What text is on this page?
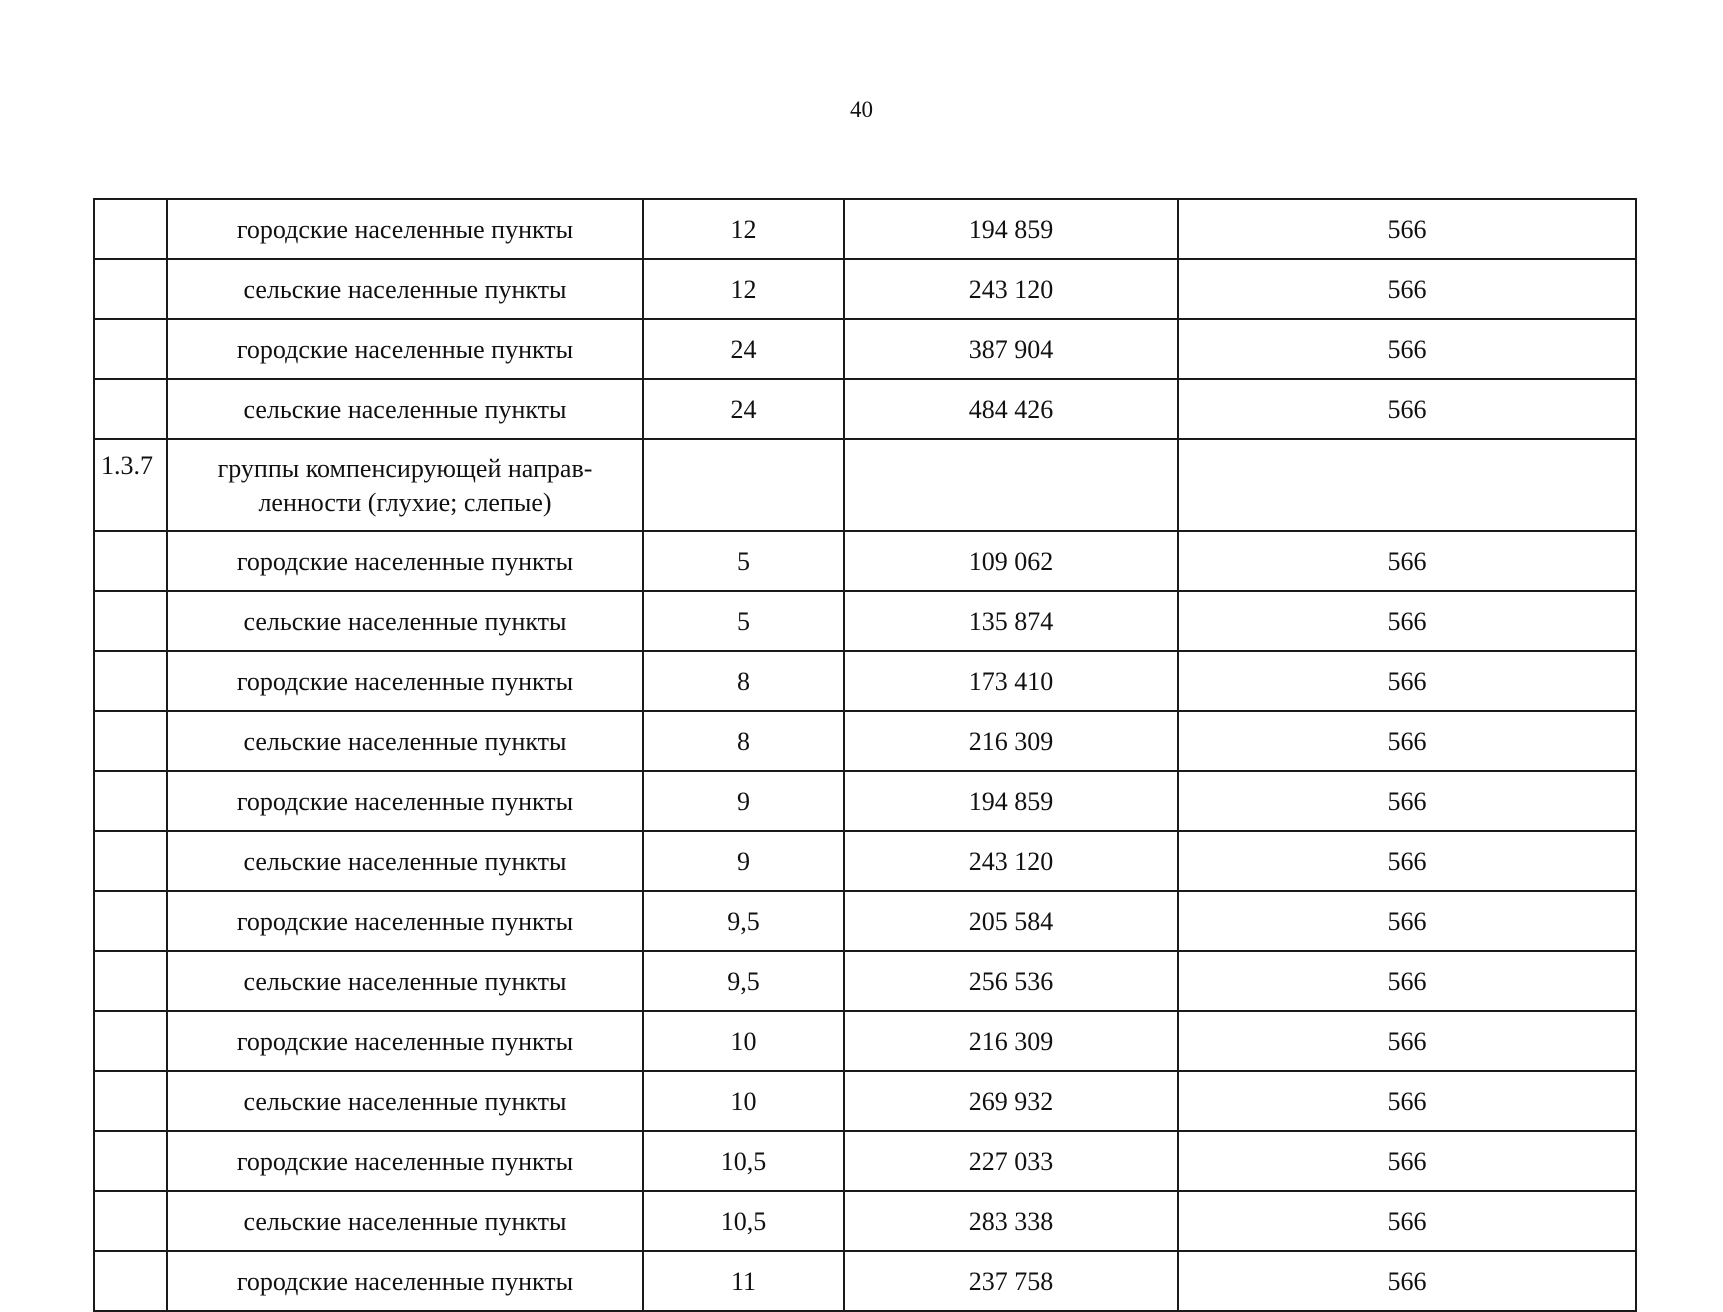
40
	городские населенные пункты	12	194 859	566
	сельские населенные пункты	12	243 120	566
	городские населенные пункты	24	387 904	566
	сельские населенные пункты	24	484 426	566
1.3.7	группы компенсирующей направ-
ленности (глухие; слепые)			

	городские населенные пункты	5	109 062	566
	сельские населенные пункты	5	135 874	566
	городские населенные пункты	8	173 410	566
	сельские населенные пункты	8	216 309	566
	городские населенные пункты	9	194 859	566
	сельские населенные пункты	9	243 120	566
	городские населенные пункты	9,5	205 584	566
	сельские населенные пункты	9,5	256 536	566
	городские населенные пункты	10	216 309	566
	сельские населенные пункты	10	269 932	566
	городские населенные пункты	10,5	227 033	566
	сельские населенные пункты	10,5	283 338	566
	городские населенные пункты	11	237 758	566
